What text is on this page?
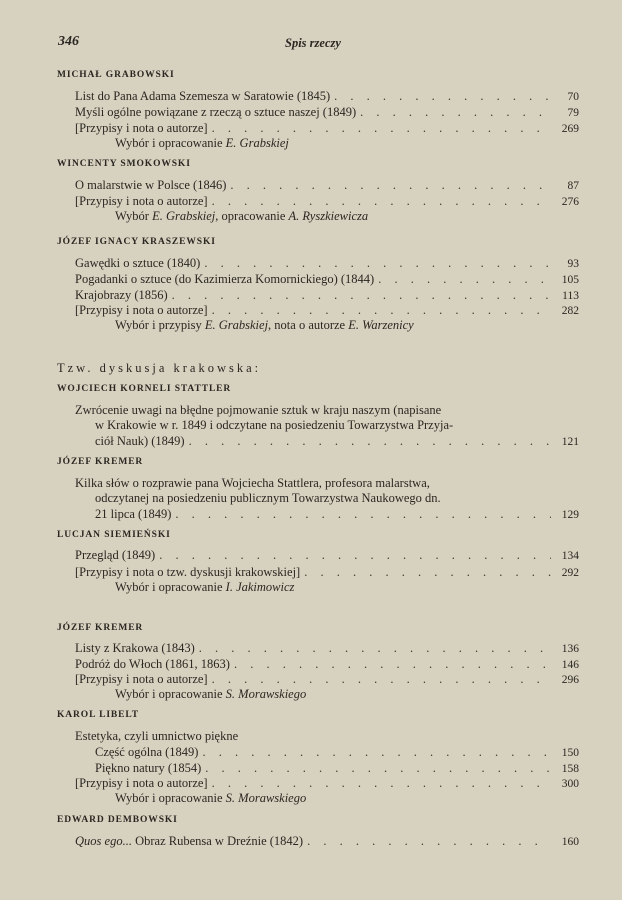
346	Spis rzeczy
MICHAŁ GRABOWSKI
List do Pana Adama Szemesza w Saratowie (1845) . . .	70
Myśli ogólne powiązane z rzeczą o sztuce naszej (1849) . . .	79
[Przypisy i nota o autorze] . . .	269
Wybór i opracowanie E. Grabskiej
WINCENTY SMOKOWSKI
O malarstwie w Polsce (1846) . . .	87
[Przypisy i nota o autorze] . . .	276
Wybór E. Grabskiej, opracowanie A. Ryszkiewicza
JÓZEF IGNACY KRASZEWSKI
Gawędki o sztuce (1840) . . .	93
Pogadanki o sztuce (do Kazimierza Komornickiego) (1844) . . .	105
Krajobrazy (1856) . . .	113
[Przypisy i nota o autorze] . . .	282
Wybór i przypisy E. Grabskiej, nota o autorze E. Warzenicy
Tzw. dyskusja krakowska:
WOJCIECH KORNELI STATTLER
Zwrócenie uwagi na błędne pojmowanie sztuk w kraju naszym (napisane
w Krakowie w r. 1849 i odczytane na posiedzeniu Towarzystwa Przyja-
ciół Nauk) (1849) . . .	121
JÓZEF KREMER
Kilka słów o rozprawie pana Wojciecha Stattlera, profesora malarstwa,
odczytanej na posiedzeniu publicznym Towarzystwa Naukowego dn.
21 lipca (1849) . . .	129
LUCJAN SIEMIEŃSKI
Przegląd (1849) . . .	134
[Przypisy i nota o tzw. dyskusji krakowskiej] . . .	292
Wybór i opracowanie I. Jakimowicz
JÓZEF KREMER
Listy z Krakowa (1843) . . .	136
Podróż do Włoch (1861, 1863) . . .	146
[Przypisy i nota o autorze] . . .	296
Wybór i opracowanie S. Morawskiego
KAROL LIBELT
Estetyka, czyli umnictwo piękne
Część ogólna (1849) . . .	150
Piękno natury (1854) . . .	158
[Przypisy i nota o autorze] . . .	300
Wybór i opracowanie S. Morawskiego
EDWARD DEMBOWSKI
Quos ego... Obraz Rubensa w Dreźnie (1842) . . .	160
